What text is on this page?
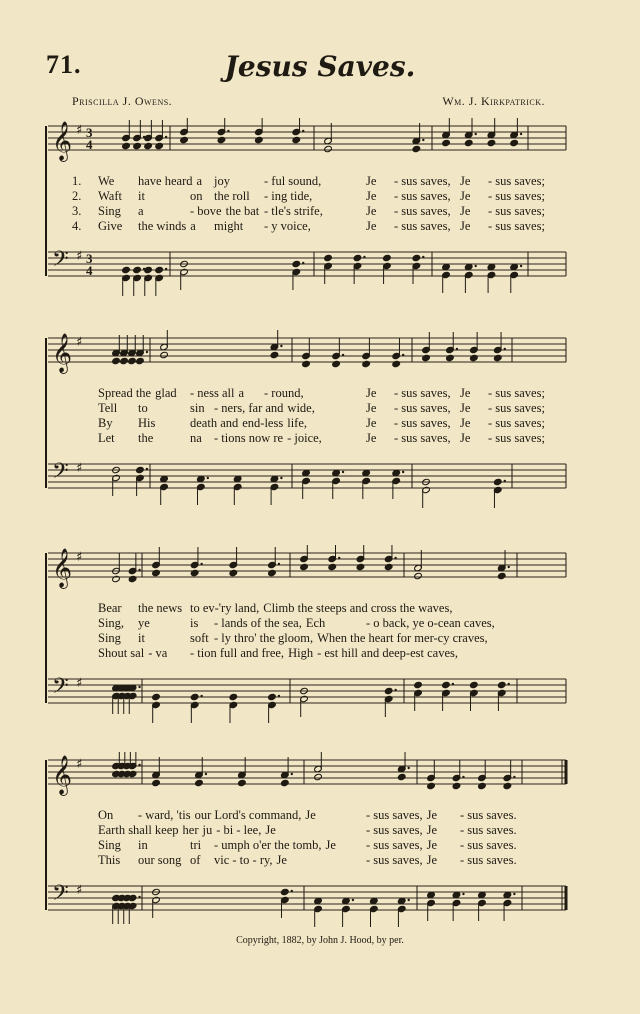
71.	Jesus Saves.
Priscilla J. Owens.	Wm. J. Kirkpatrick.
𝄞 ♯
𝄢 ♯
3
4
3
4
1. We have heard a joy	- ful sound,	Je - sus saves, Je - sus saves;
2. Waft it	on the roll - ing tide,	Je - sus saves, Je - sus saves;
3. Sing a	- bove the bat - tle's strife,	Je - sus saves, Je - sus saves;
4. Give the winds a might - y voice,	Je - sus saves, Je - sus saves;
𝄞 ♯
𝄢 ♯
Spread the glad - ness all a - round,	Je - sus saves, Je - sus saves;
Tell to	sin - ners, far and wide,	Je - sus saves, Je - sus saves;
By His	death and end-less life,	Je - sus saves, Je - sus saves;
Let the	na - tions now re - joice,	Je - sus saves, Je - sus saves;
𝄞 ♯
𝄢 ♯
Bear the news to ev-'ry land, Climb the steeps and cross the waves,
Sing, ye	is - lands of the sea, Ech	- o back, ye o-cean caves,
Sing it	soft - ly thro' the gloom, When the heart for mer-cy craves,
Shout sal - va - tion full and free, High - est hill and deep-est caves,
𝄞 ♯
𝄢 ♯
On - ward, 'tis our Lord's command, Je	- sus saves, Je - sus saves.
Earth shall keep her ju - bi - lee, Je	- sus saves, Je - sus saves.
Sing in	tri - umph o'er the tomb, Je - sus saves, Je - sus saves.
This our song of vic - to - ry, Je	- sus saves, Je - sus saves.
Copyright, 1882, by John J. Hood, by per.
